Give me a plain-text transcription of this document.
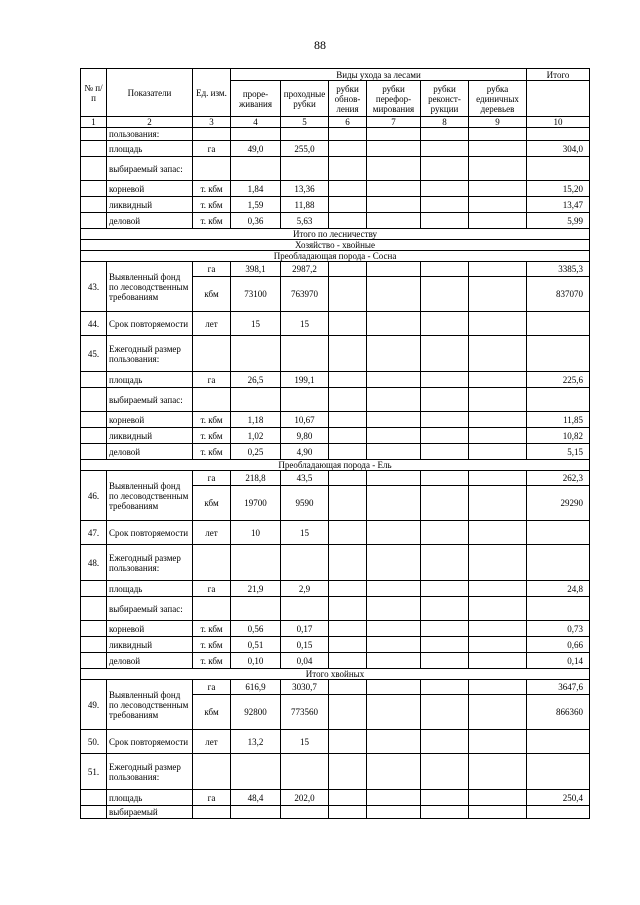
88
№ п/п	Показатели	Ед. изм.	Виды ухода за лесами						Итого
			проре-живания	проходные рубки	рубки обнов-ления	рубки перефор-мирования	рубки реконст-рукции	рубка единичных деревьев	
1	2	3	4	5	6	7	8	9	10
	пользования:								
	площадь	га	49,0	255,0					304,0
	выбираемый запас:								
	корневой	т. кбм	1,84	13,36					15,20
	ликвидный	т. кбм	1,59	11,88					13,47
	деловой	т. кбм	0,36	5,63					5,99
Итого по лесничеству									
Хозяйство - хвойные									
Преобладающая порода - Сосна									
43.	Выявленный фонд по лесоводственным требованиям	га	398,1	2987,2					3385,3
		кбм	73100	763970					837070
44.	Срок повторяемости	лет	15	15					
45.	Ежегодный размер пользования:								
	площадь	га	26,5	199,1					225,6
	выбираемый запас:								
	корневой	т. кбм	1,18	10,67					11,85
	ликвидный	т. кбм	1,02	9,80					10,82
	деловой	т. кбм	0,25	4,90					5,15
Преобладающая порода - Ель									
46.	Выявленный фонд по лесоводственным требованиям	га	218,8	43,5					262,3
		кбм	19700	9590					29290
47.	Срок повторяемости	лет	10	15					
48.	Ежегодный размер пользования:								
	площадь	га	21,9	2,9					24,8
	выбираемый запас:								
	корневой	т. кбм	0,56	0,17					0,73
	ликвидный	т. кбм	0,51	0,15					0,66
	деловой	т. кбм	0,10	0,04					0,14
Итого хвойных									
49.	Выявленный фонд по лесоводственным требованиям	га	616,9	3030,7					3647,6
		кбм	92800	773560					866360
50.	Срок повторяемости	лет	13,2	15					
51.	Ежегодный размер пользования:								
	площадь	га	48,4	202,0					250,4
	выбираемый								
